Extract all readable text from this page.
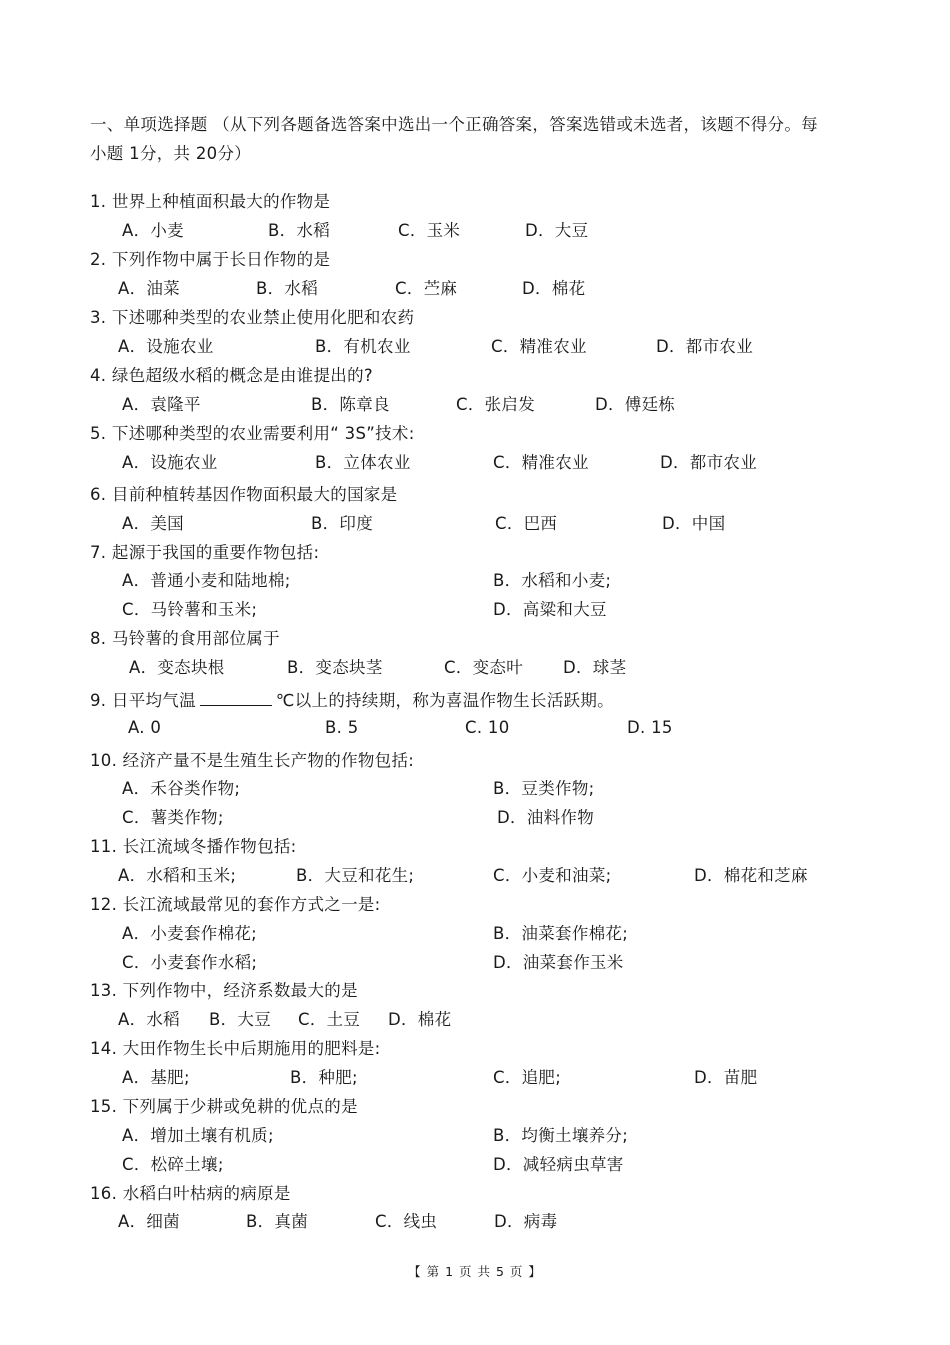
一、单项选择题 （从下列各题备选答案中选出一个正确答案，答案选错或未选者，该题不得分。每小题 1分，共 20分）
1. 世界上种植面积最大的作物是
A．小麦	B．水稻	C．玉米	D．大豆
2. 下列作物中属于长日作物的是
A．油菜	B．水稻	C．苎麻	D．棉花
3. 下述哪种类型的农业禁止使用化肥和农药
A．设施农业	B．有机农业	C．精准农业	D．都市农业
4. 绿色超级水稻的概念是由谁提出的?
A．袁隆平	B．陈章良	C．张启发	D．傅廷栋
5. 下述哪种类型的农业需要利用“ 3S”技术:
A．设施农业	B．立体农业	C．精准农业	D．都市农业
6. 目前种植转基因作物面积最大的国家是
A．美国	B．印度	C．巴西	D．中国
7. 起源于我国的重要作物包括:
A．普通小麦和陆地棉;	B．水稻和小麦;
C．马铃薯和玉米;	D．高粱和大豆
8. 马铃薯的食用部位属于
A．变态块根	B．变态块茎	C．变态叶 D．球茎
9. 日平均气温	℃以上的持续期，称为喜温作物生长活跃期。
A. 0	B. 5	C. 10	D. 15
10. 经济产量不是生殖生长产物的作物包括:
A．禾谷类作物;	B．豆类作物;
C．薯类作物;	D．油料作物
11. 长江流域冬播作物包括:
A．水稻和玉米;	B．大豆和花生;	C．小麦和油菜;	D．棉花和芝麻
12. 长江流域最常见的套作方式之一是:
A．小麦套作棉花;	B．油菜套作棉花;
C．小麦套作水稻;	D．油菜套作玉米
13. 下列作物中，经济系数最大的是
A．水稻 B．大豆 C．土豆 D．棉花
14. 大田作物生长中后期施用的肥料是:
A．基肥;	B．种肥;	C．追肥;	D．苗肥
15. 下列属于少耕或免耕的优点的是
A．增加土壤有机质;	B．均衡土壤养分;
C．松碎土壤;	D．减轻病虫草害
16. 水稻白叶枯病的病原是
A．细菌	B．真菌	C．线虫	D．病毒
【 第 1 页 共 5 页 】
